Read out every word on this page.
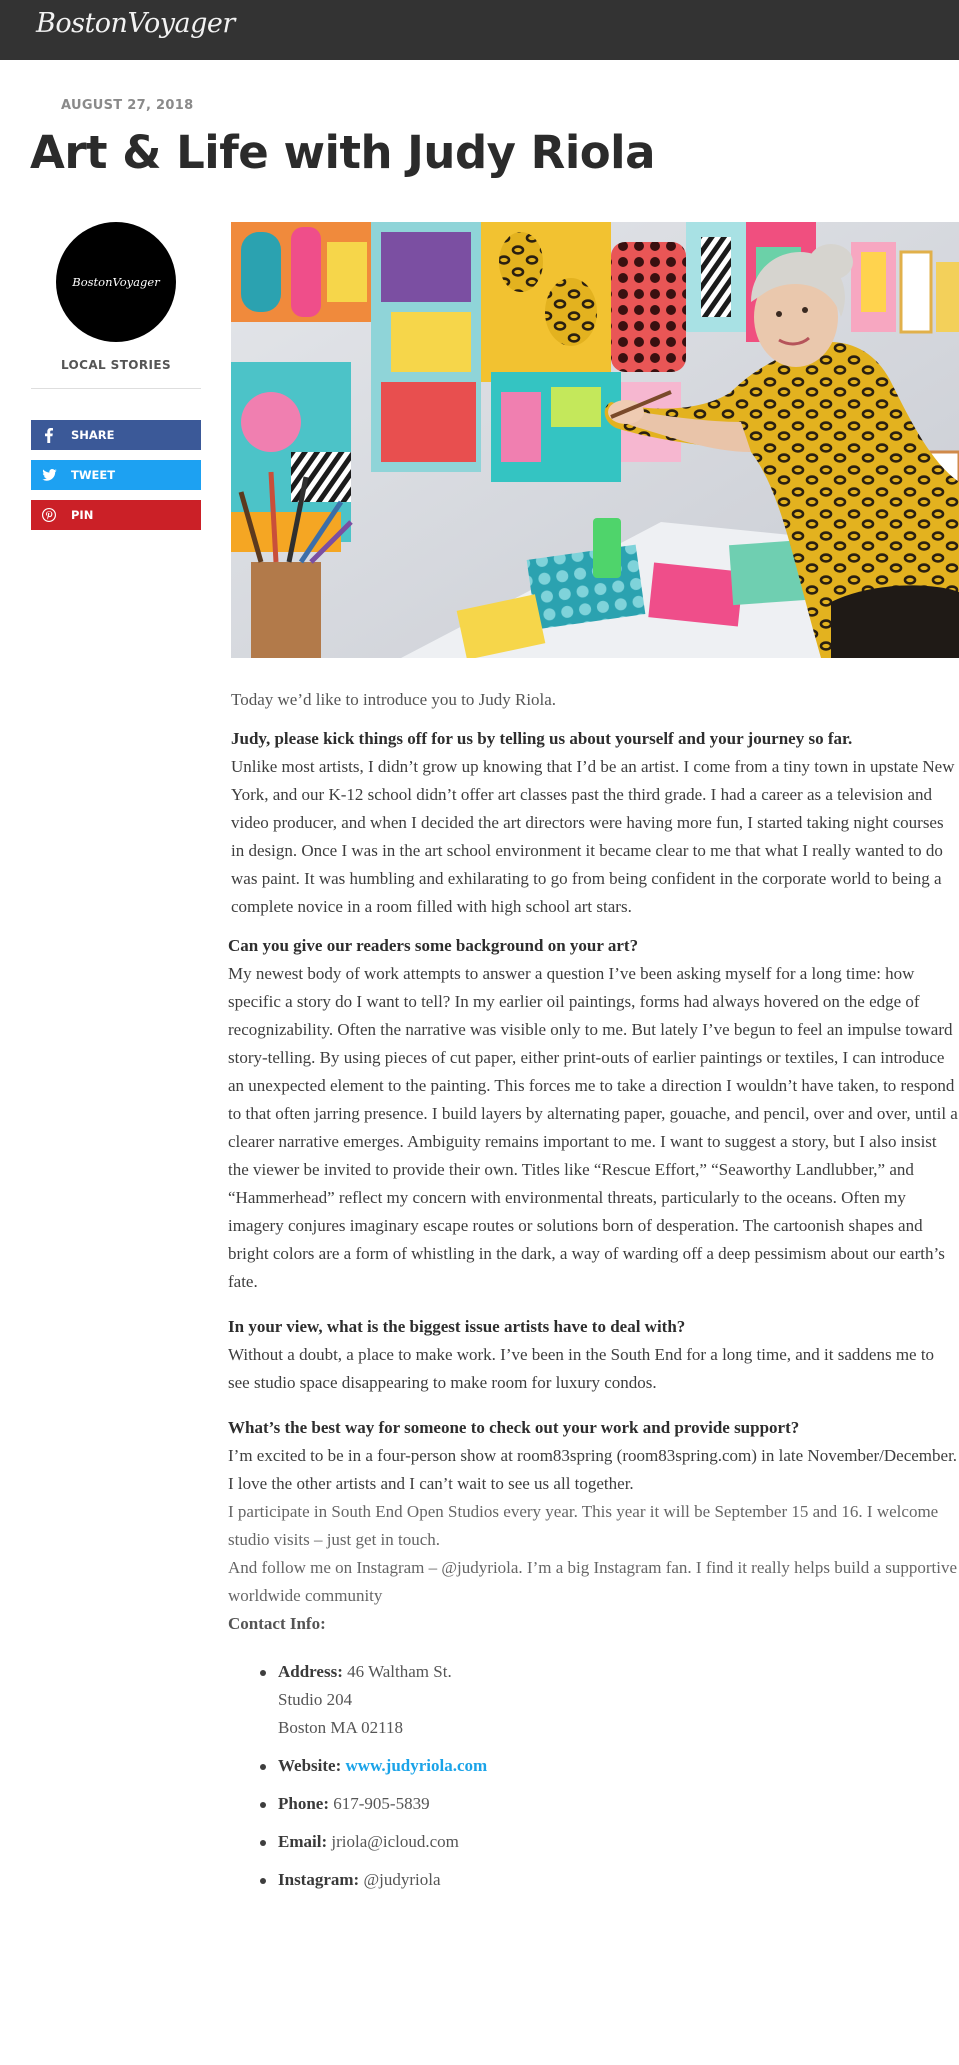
BostonVoyager
AUGUST 27, 2018
Art & Life with Judy Riola
BostonVoyager
LOCAL STORIES
SHARE
TWEET
PIN

Today we’d like to introduce you to Judy Riola.

Judy, please kick things off for us by telling us about yourself and your journey so far.

Unlike most artists, I didn’t grow up knowing that I’d be an artist. I come from a tiny town in upstate New York, and our K-12 school didn’t offer art classes past the third grade. I had a career as a television and video producer, and when I decided the art directors were having more fun, I started taking night courses in design. Once I was in the art school environment it became clear to me that what I really wanted to do was paint. It was humbling and exhilarating to go from being confident in the corporate world to being a complete novice in a room filled with high school art stars.

Can you give our readers some background on your art?

My newest body of work attempts to answer a question I’ve been asking myself for a long time: how specific a story do I want to tell? In my earlier oil paintings, forms had always hovered on the edge of recognizability. Often the narrative was visible only to me. But lately I’ve begun to feel an impulse toward story-telling. By using pieces of cut paper, either print-outs of earlier paintings or textiles, I can introduce an unexpected element to the painting. This forces me to take a direction I wouldn’t have taken, to respond to that often jarring presence. I build layers by alternating paper, gouache, and pencil, over and over, until a clearer narrative emerges. Ambiguity remains important to me. I want to suggest a story, but I also insist the viewer be invited to provide their own. Titles like “Rescue Effort,” “Seaworthy Landlubber,” and “Hammerhead” reflect my concern with environmental threats, particularly to the oceans. Often my imagery conjures imaginary escape routes or solutions born of desperation. The cartoonish shapes and bright colors are a form of whistling in the dark, a way of warding off a deep pessimism about our earth’s fate.

In your view, what is the biggest issue artists have to deal with?

Without a doubt, a place to make work. I’ve been in the South End for a long time, and it saddens me to see studio space disappearing to make room for luxury condos.

What’s the best way for someone to check out your work and provide support?

I’m excited to be in a four-person show at room83spring (room83spring.com) in late November/December. I love the other artists and I can’t wait to see us all together.

I participate in South End Open Studios every year. This year it will be September 15 and 16. I welcome studio visits – just get in touch.

And follow me on Instagram – @judyriola. I’m a big Instagram fan. I find it really helps build a supportive worldwide community

Contact Info:

Address: 46 Waltham St.
Studio 204
Boston MA 02118
Website: www.judyriola.com
Phone: 617-905-5839
Email: jriola@icloud.com
Instagram: @judyriola
